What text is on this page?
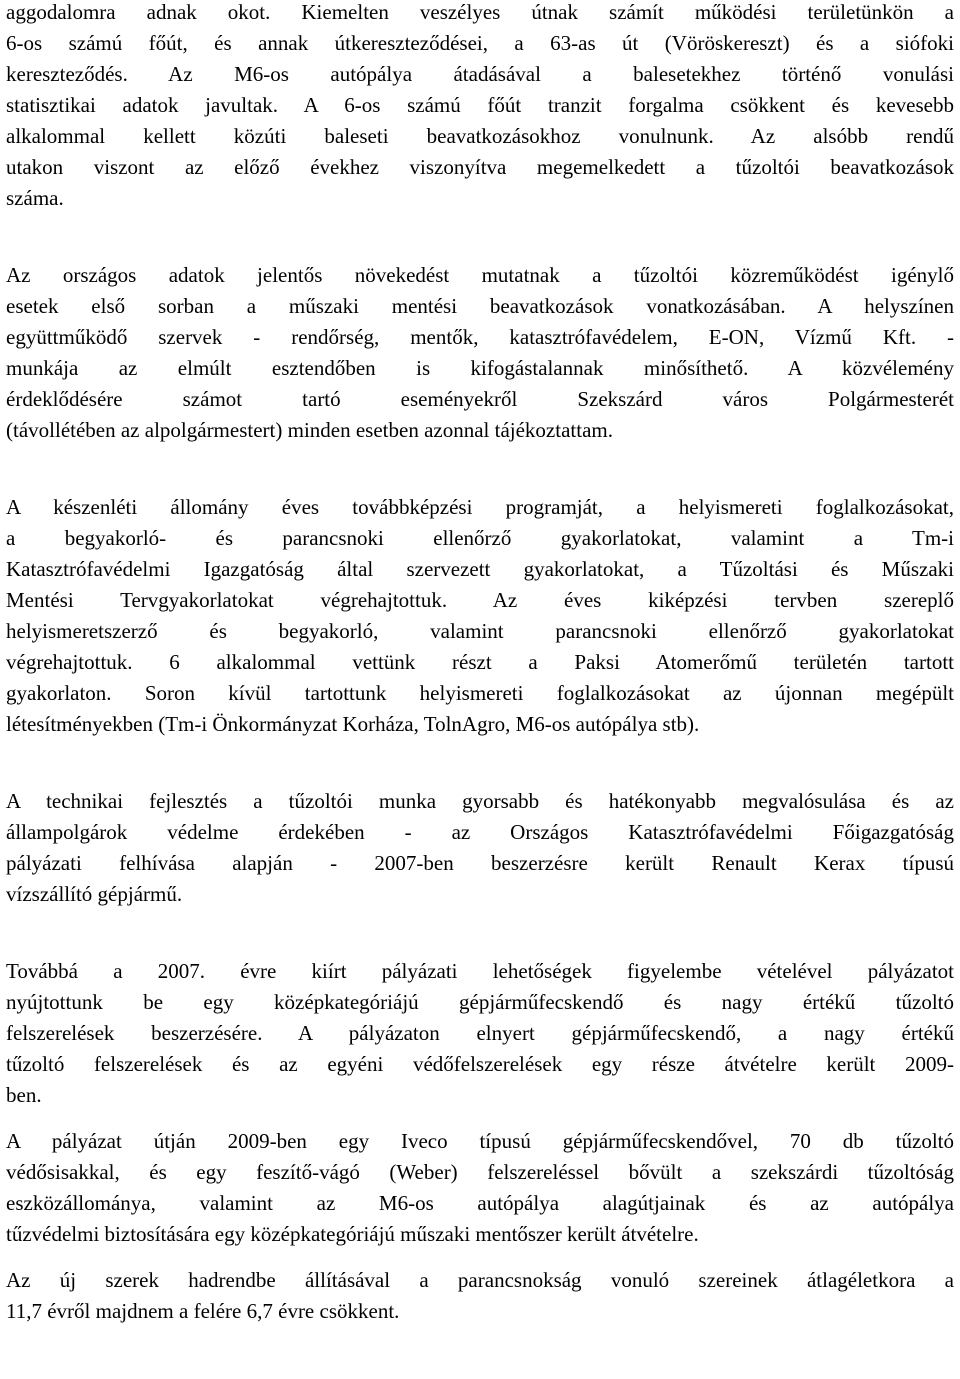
aggodalomra adnak okot. Kiemelten veszélyes útnak számít működési területünkön a
6-os számú főút, és annak útkereszteződései, a 63-as út (Vöröskereszt) és a siófoki
kereszteződés. Az M6-os autópálya átadásával a balesetekhez történő vonulási
statisztikai adatok javultak. A 6-os számú főút tranzit forgalma csökkent és kevesebb
alkalommal kellett közúti baleseti beavatkozásokhoz vonulnunk. Az alsóbb rendű
utakon viszont az előző évekhez viszonyítva megemelkedett a tűzoltói beavatkozások
száma.
Az országos adatok jelentős növekedést mutatnak a tűzoltói közreműködést igénylő
esetek első sorban a műszaki mentési beavatkozások vonatkozásában. A helyszínen
együttműködő szervek - rendőrség, mentők, katasztrófavédelem, E-ON, Vízmű Kft. -
munkája az elmúlt esztendőben is kifogástalannak minősíthető. A közvélemény
érdeklődésére számot tartó eseményekről Szekszárd város Polgármesterét
(távollétében az alpolgármestert) minden esetben azonnal tájékoztattam.
A készenléti állomány éves továbbképzési programját, a helyismereti foglalkozásokat,
a begyakorló- és parancsnoki ellenőrző gyakorlatokat, valamint a Tm-i
Katasztrófavédelmi Igazgatóság által szervezett gyakorlatokat, a Tűzoltási és Műszaki
Mentési Tervgyakorlatokat végrehajtottuk. Az éves kiképzési tervben szereplő
helyismeretszerző és begyakorló, valamint parancsnoki ellenőrző gyakorlatokat
végrehajtottuk. 6 alkalommal vettünk részt a Paksi Atomerőmű területén tartott
gyakorlaton. Soron kívül tartottunk helyismereti foglalkozásokat az újonnan megépült
létesítményekben (Tm-i Önkormányzat Korháza, TolnAgro, M6-os autópálya stb).
A technikai fejlesztés a tűzoltói munka gyorsabb és hatékonyabb megvalósulása és az
állampolgárok védelme érdekében - az Országos Katasztrófavédelmi Főigazgatóság
pályázati felhívása alapján - 2007-ben beszerzésre került Renault Kerax típusú
vízszállító gépjármű.
Továbbá a 2007. évre kiírt pályázati lehetőségek figyelembe vételével pályázatot
nyújtottunk be egy középkategóriájú gépjárműfecskendő és nagy értékű tűzoltó
felszerelések beszerzésére. A pályázaton elnyert gépjárműfecskendő, a nagy értékű
tűzoltó felszerelések és az egyéni védőfelszerelések egy része átvételre került 2009-
ben.
A pályázat útján 2009-ben egy Iveco típusú gépjárműfecskendővel, 70 db tűzoltó
védősisakkal, és egy feszítő-vágó (Weber) felszereléssel bővült a szekszárdi tűzoltóság
eszközállománya, valamint az M6-os autópálya alagútjainak és az autópálya
tűzvédelmi biztosítására egy középkategóriájú műszaki mentőszer került átvételre.
Az új szerek hadrendbe állításával a parancsnokság vonuló szereinek átlagéletkora a
11,7 évről majdnem a felére 6,7 évre csökkent.
